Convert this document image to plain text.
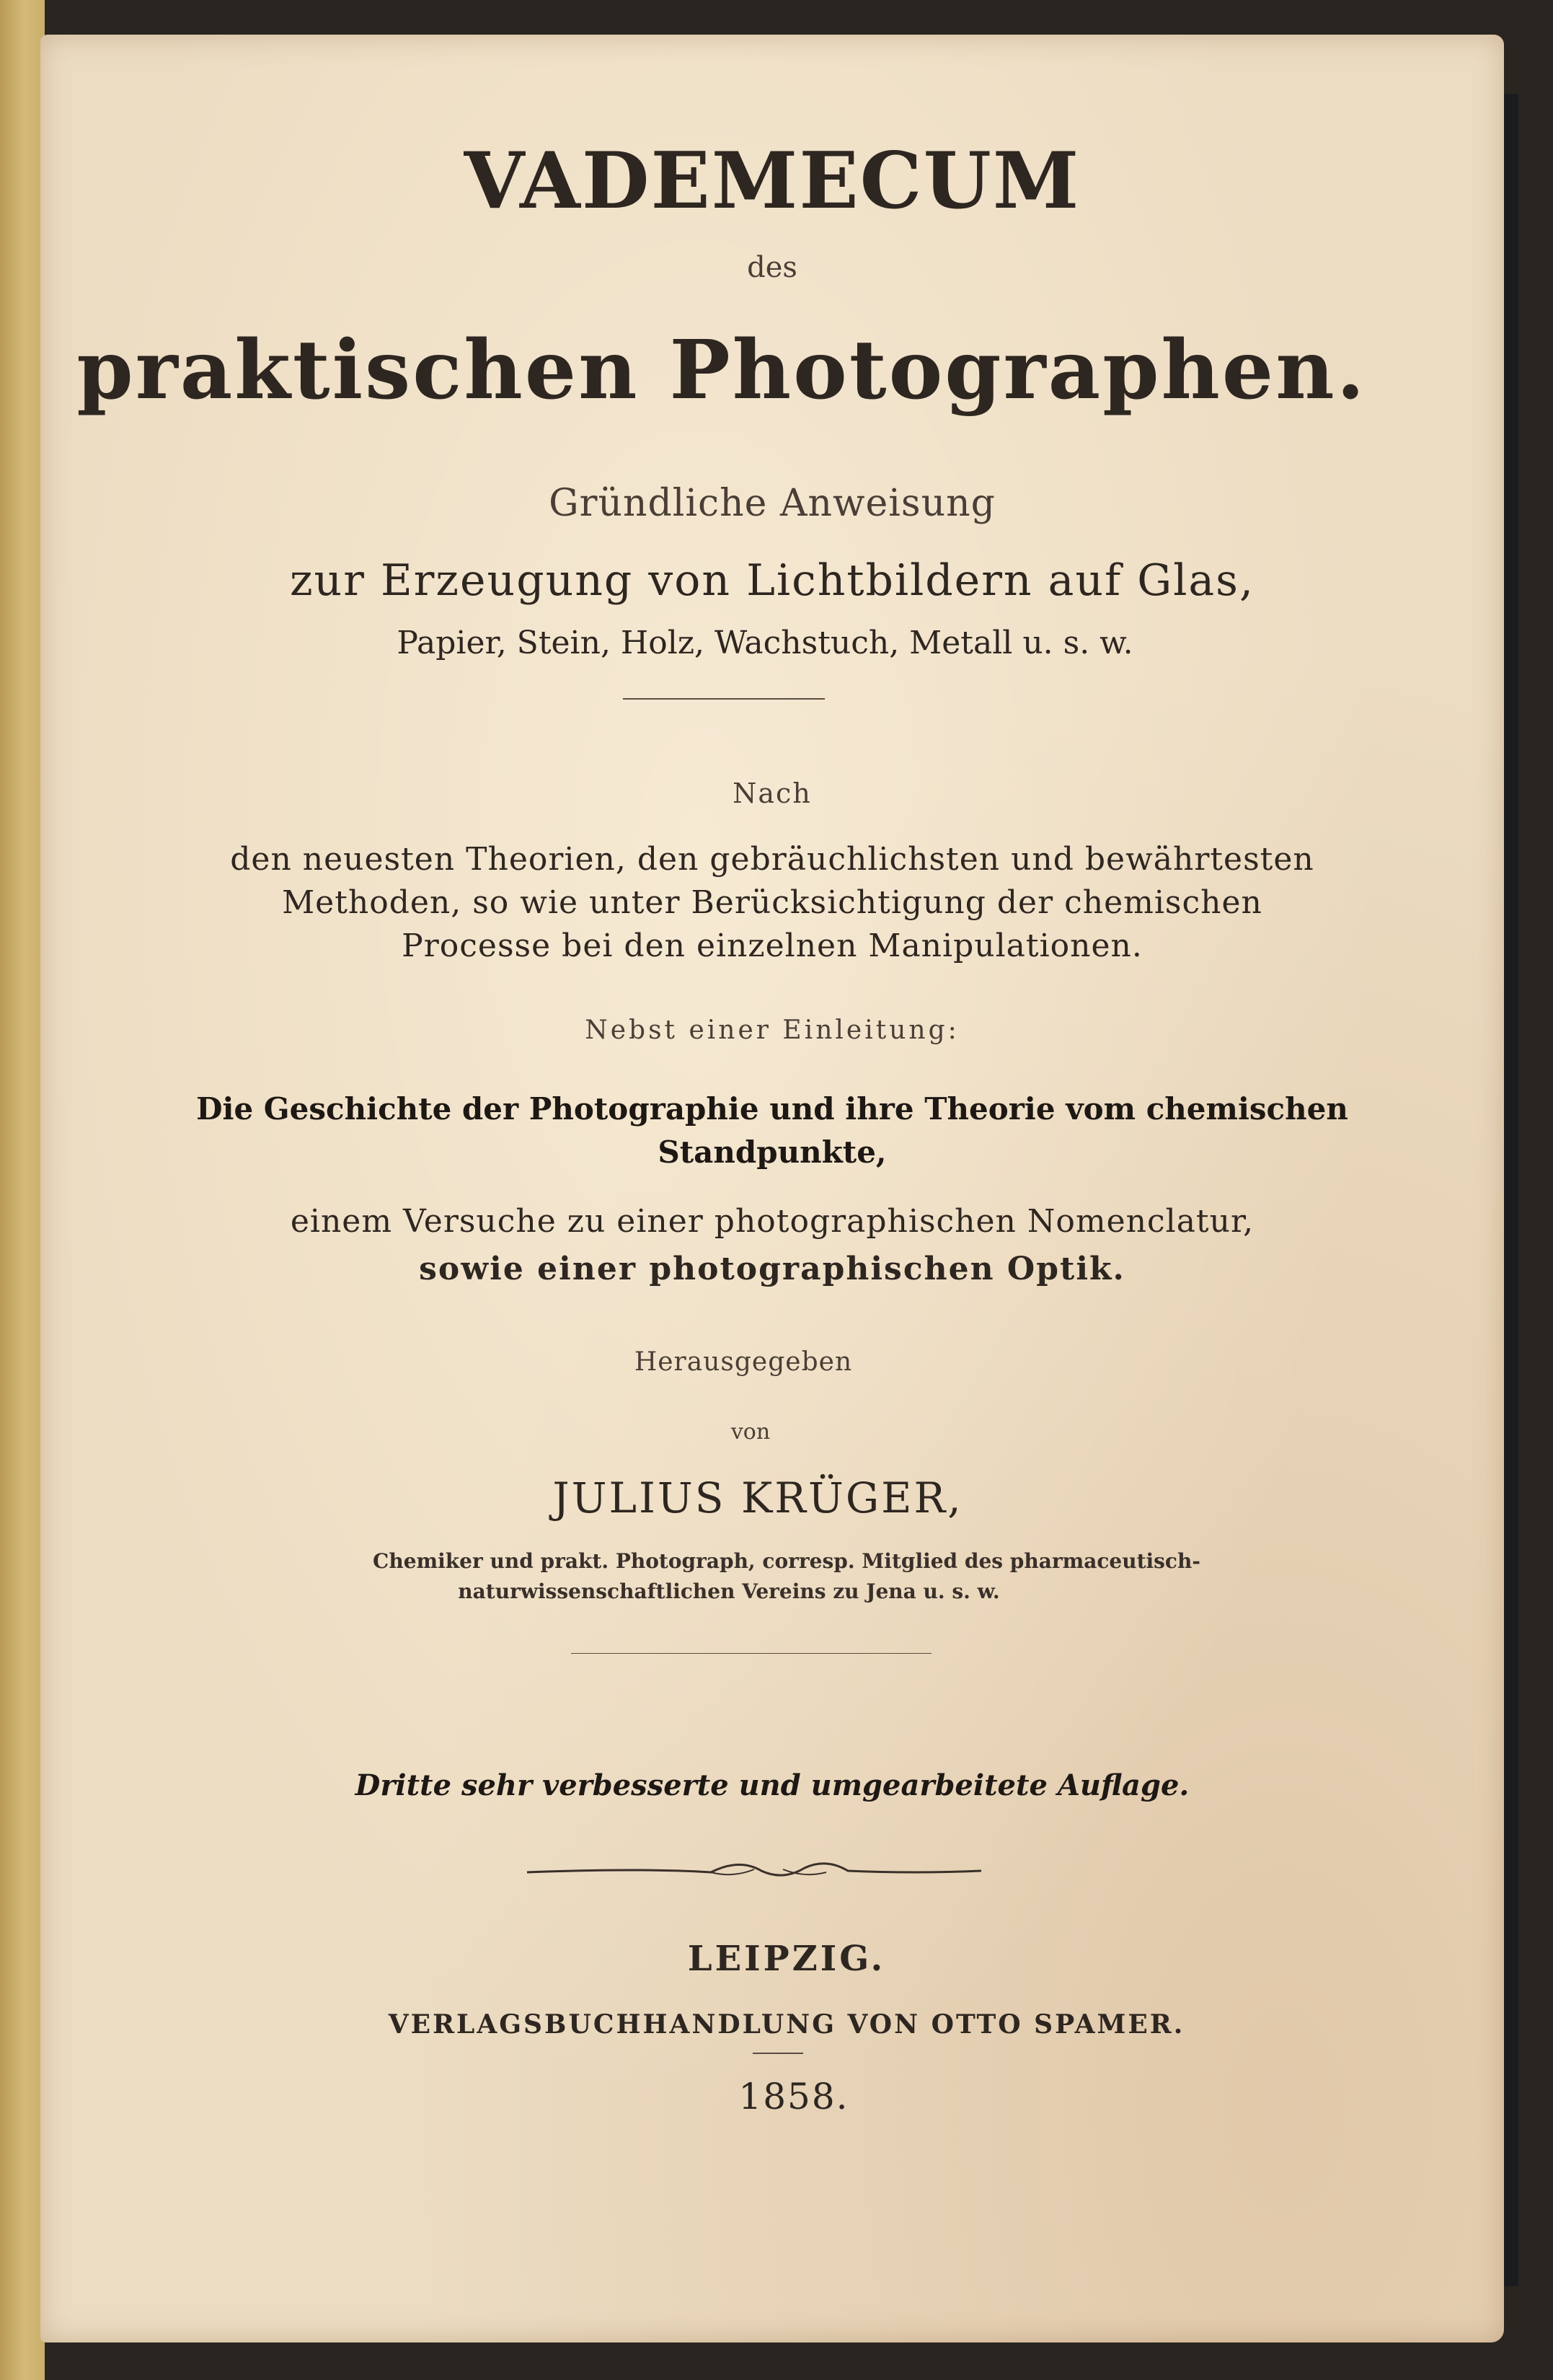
VADEMECUM

des

praktischen Photographen.

Gründliche Anweisung

zur Erzeugung von Lichtbildern auf Glas,

Papier, Stein, Holz, Wachstuch, Metall u. s. w.

Nach

den neuesten Theorien, den gebräuchlichsten und bewährtesten

Methoden, so wie unter Berücksichtigung der chemischen

Processe bei den einzelnen Manipulationen.

Nebst einer Einleitung:

Die Geschichte der Photographie und ihre Theorie vom chemischen

Standpunkte,

einem Versuche zu einer photographischen Nomenclatur,

sowie einer photographischen Optik.

Herausgegeben

von

JULIUS KRÜGER,

Chemiker und prakt. Photograph, corresp. Mitglied des pharmaceutisch-

naturwissenschaftlichen Vereins zu Jena u. s. w.

Dritte sehr verbesserte und umgearbeitete Auflage.

LEIPZIG.

VERLAGSBUCHHANDLUNG VON OTTO SPAMER.

1858.
